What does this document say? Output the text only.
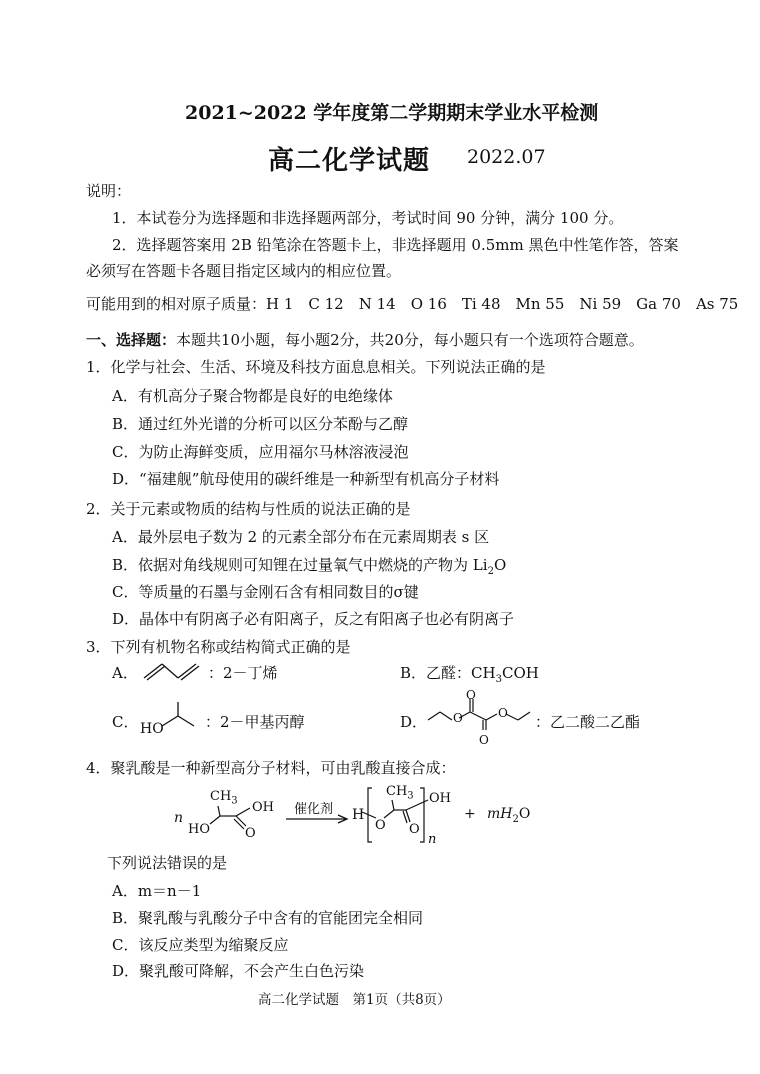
2021~2022 学年度第二学期期末学业水平检测
高二化学试题 2022.07
说明：
1．本试卷分为选择题和非选择题两部分，考试时间 90 分钟，满分 100 分。
2．选择题答案用 2B 铅笔涂在答题卡上，非选择题用 0.5mm 黑色中性笔作答，答案
必须写在答题卡各题目指定区域内的相应位置。
可能用到的相对原子质量：H 1　C 12　N 14　O 16　Ti 48　Mn 55　Ni 59　Ga 70　As 75
一、选择题：本题共10小题，每小题2分，共20分，每小题只有一个选项符合题意。
1．化学与社会、生活、环境及科技方面息息相关。下列说法正确的是
A．有机高分子聚合物都是良好的电绝缘体
B．通过红外光谱的分析可以区分苯酚与乙醇
C．为防止海鲜变质，应用福尔马林溶液浸泡
D．“福建舰”航母使用的碳纤维是一种新型有机高分子材料
2．关于元素或物质的结构与性质的说法正确的是
A．最外层电子数为 2 的元素全部分布在元素周期表 s 区
B．依据对角线规则可知锂在过量氧气中燃烧的产物为 $Li_2O$
C．等质量的石墨与金刚石含有相同数目的σ键
D．晶体中有阴离子必有阳离子，反之有阳离子也必有阴离子
3．下列有机物名称或结构简式正确的是
A．	：2－丁烯	B．乙醛：$CH_3COH$
C． HO	：2－甲基丙醇	D． O
O
O
O ：乙二酸二乙酯
4．聚乳酸是一种新型高分子材料，可由乳酸直接合成：
n
$CH_3$ OH
HO	O
催化剂 H
$CH_3$ OH
O O
n
+ $mH_2O$
下列说法错误的是
A．m＝n－1
B．聚乳酸与乳酸分子中含有的官能团完全相同
C．该反应类型为缩聚反应
D．聚乳酸可降解，不会产生白色污染
高二化学试题　第1页（共8页）
